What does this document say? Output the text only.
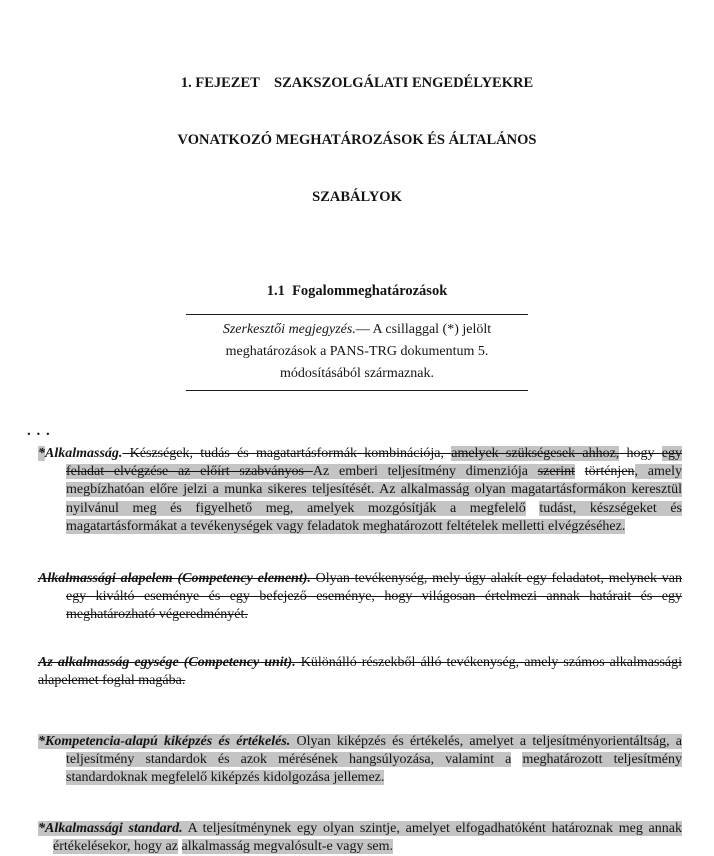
1. FEJEZET    SZAKSZOLGÁLATI ENGEDÉLYEKRE

VONATKOZÓ MEGHATÁROZÁSOK ÉS ÁLTALÁNOS

SZABÁLYOK

1.1  Fogalommeghatározások
Szerkesztői megjegyzés.— A csillaggal (*) jelölt meghatározások a PANS-TRG dokumentum 5. módosításából származnak.
. . .

*Alkalmasság. Készségek, tudás és magatartásformák kombinációja, amelyek szükségesek ahhoz, hogy egy feladat elvégzése az előírt szabványos Az emberi teljesítmény dimenziója szerint történjen, amely megbízhatóan előre jelzi a munka sikeres teljesítését. Az alkalmasság olyan magatartásformákon keresztül nyilvánul meg és figyelhető meg, amelyek mozgósítják a megfelelő tudást, készségeket és magatartásformákat a tevékenységek vagy feladatok meghatározott feltételek melletti elvégzéséhez.

Alkalmassági alapelem (Competency element). Olyan tevékenység, mely úgy alakít egy feladatot, melynek van egy kiváltó eseménye és egy befejező eseménye, hogy világosan értelmezi annak határait és egy meghatározható végeredményét.

Az alkalmasság egysége (Competency unit). Különálló részekből álló tevékenység, amely számos alkalmassági alapelemet foglal magába.

*Kompetencia-alapú kiképzés és értékelés. Olyan kiképzés és értékelés, amelyet a teljesítményorientáltság, a teljesítmény standardok és azok mérésének hangsúlyozása, valamint a meghatározott teljesítmény standardoknak megfelelő kiképzés kidolgozása jellemez.

*Alkalmassági standard. A teljesítménynek egy olyan szintje, amelyet elfogadhatóként határoznak meg annak értékelésekor, hogy az alkalmasság megvalósult-e vagy sem.
